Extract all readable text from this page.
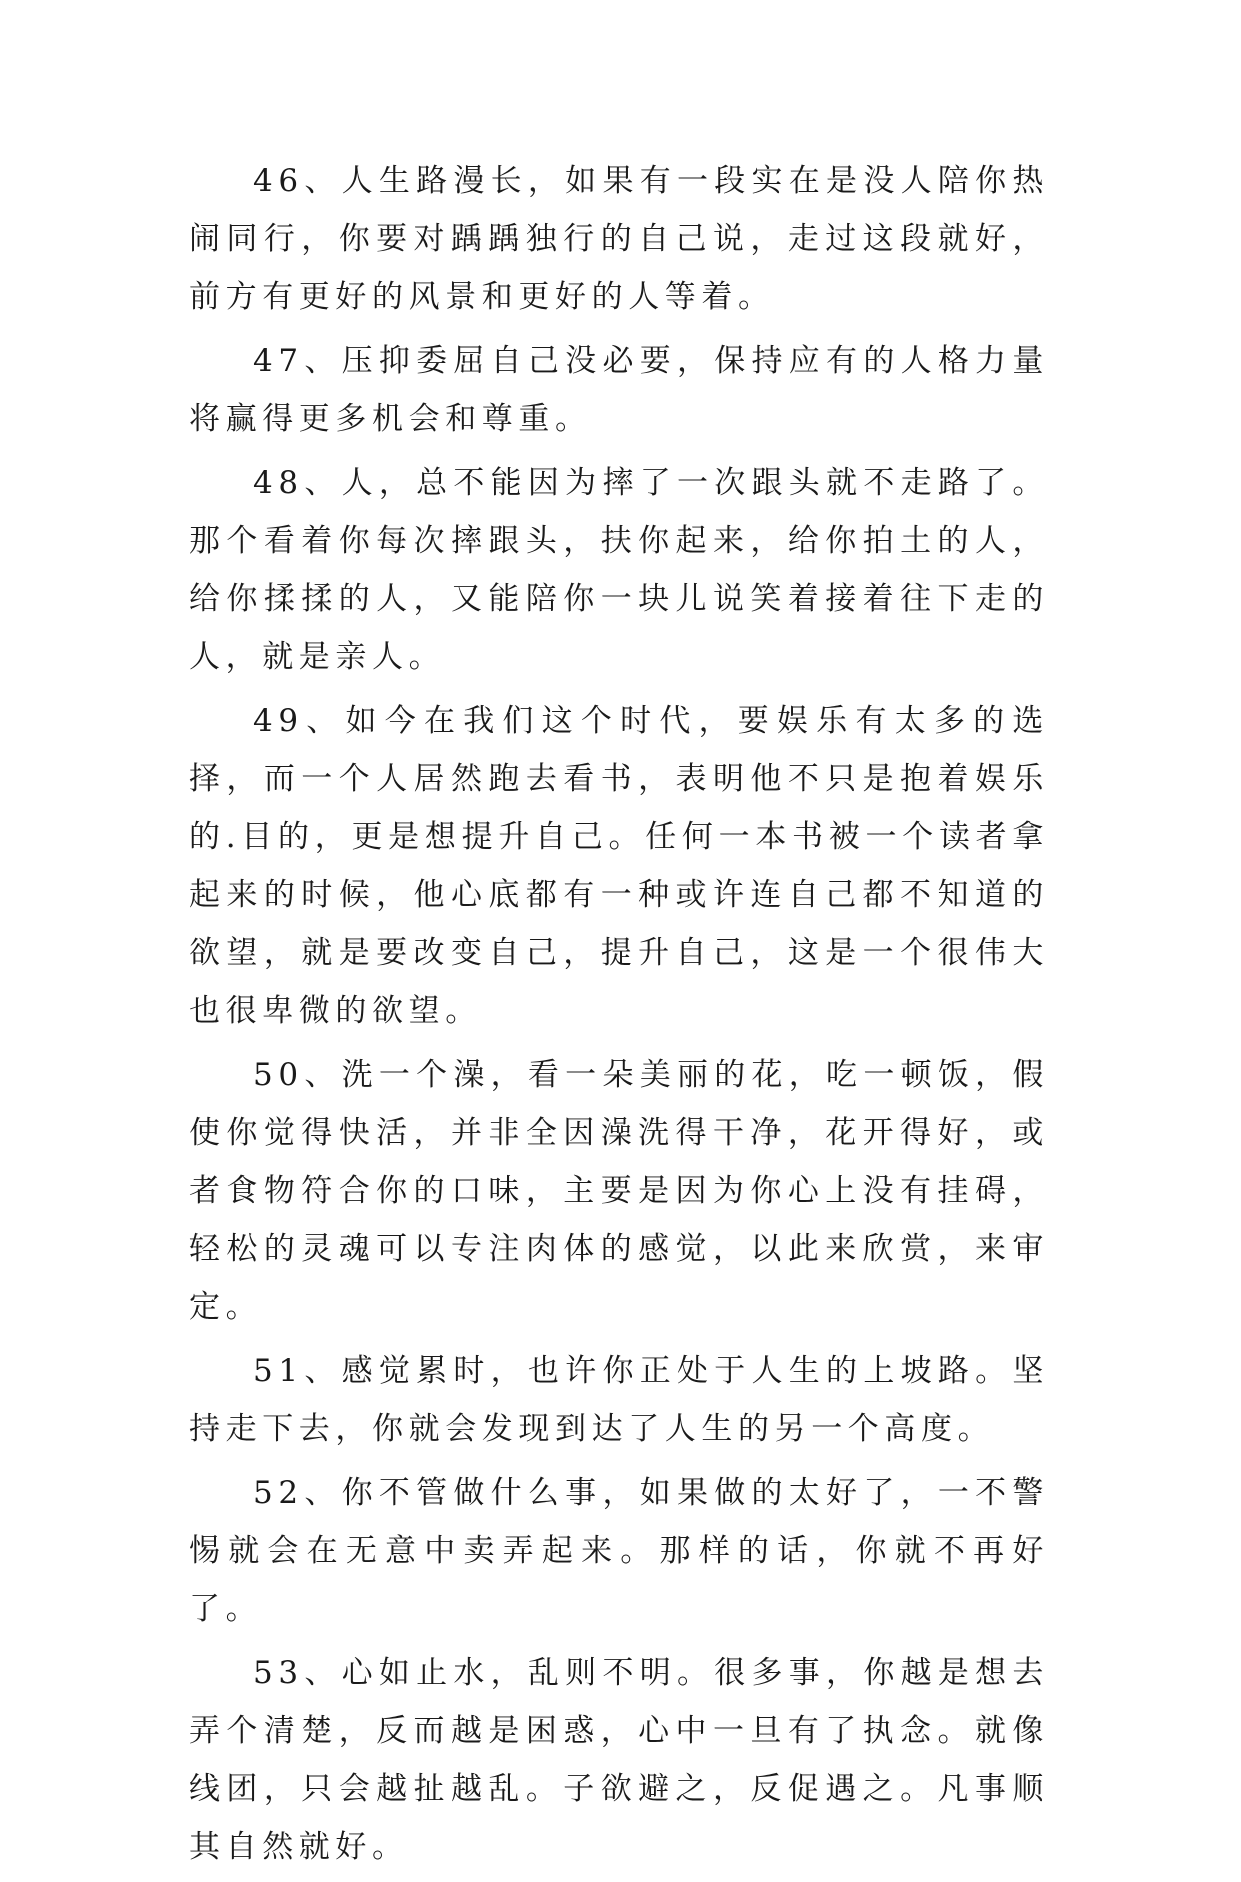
46、人生路漫长，如果有一段实在是没人陪你热闹同行，你要对踽踽独行的自己说，走过这段就好，前方有更好的风景和更好的人等着。

47、压抑委屈自己没必要，保持应有的人格力量将赢得更多机会和尊重。

48、人，总不能因为摔了一次跟头就不走路了。那个看着你每次摔跟头，扶你起来，给你拍土的人，给你揉揉的人，又能陪你一块儿说笑着接着往下走的人，就是亲人。

49、如今在我们这个时代，要娱乐有太多的选择，而一个人居然跑去看书，表明他不只是抱着娱乐的.目的，更是想提升自己。任何一本书被一个读者拿起来的时候，他心底都有一种或许连自己都不知道的欲望，就是要改变自己，提升自己，这是一个很伟大也很卑微的欲望。

50、洗一个澡，看一朵美丽的花，吃一顿饭，假使你觉得快活，并非全因澡洗得干净，花开得好，或者食物符合你的口味，主要是因为你心上没有挂碍，轻松的灵魂可以专注肉体的感觉，以此来欣赏，来审定。

51、感觉累时，也许你正处于人生的上坡路。坚持走下去，你就会发现到达了人生的另一个高度。

52、你不管做什么事，如果做的太好了，一不警惕就会在无意中卖弄起来。那样的话，你就不再好了。

53、心如止水，乱则不明。很多事，你越是想去弄个清楚，反而越是困惑，心中一旦有了执念。就像线团，只会越扯越乱。子欲避之，反促遇之。凡事顺其自然就好。
